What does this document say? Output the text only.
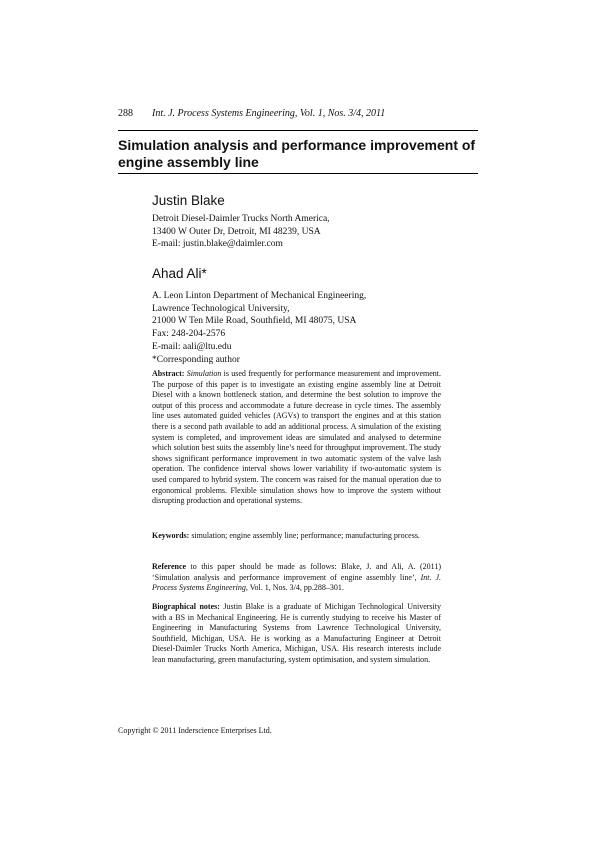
288 Int. J. Process Systems Engineering, Vol. 1, Nos. 3/4, 2011
Simulation analysis and performance improvement of engine assembly line
Justin Blake
Detroit Diesel-Daimler Trucks North America,
13400 W Outer Dr, Detroit, MI 48239, USA
E-mail: justin.blake@daimler.com
Ahad Ali*
A. Leon Linton Department of Mechanical Engineering,
Lawrence Technological University,
21000 W Ten Mile Road, Southfield, MI 48075, USA
Fax: 248-204-2576
E-mail: aali@ltu.edu
*Corresponding author

Abstract: Simulation is used frequently for performance measurement and improvement. The purpose of this paper is to investigate an existing engine assembly line at Detroit Diesel with a known bottleneck station, and determine the best solution to improve the output of this process and accommodate a future decrease in cycle times. The assembly line uses automated guided vehicles (AGVs) to transport the engines and at this station there is a second path available to add an additional process. A simulation of the existing system is completed, and improvement ideas are simulated and analysed to determine which solution best suits the assembly line’s need for throughput improvement. The study shows significant performance improvement in two automatic system of the valve lash operation. The confidence interval shows lower variability if two-automatic system is used compared to hybrid system. The concern was raised for the manual operation due to ergonomical problems. Flexible simulation shows how to improve the system without disrupting production and operational systems.

Keywords: simulation; engine assembly line; performance; manufacturing process.

Reference to this paper should be made as follows: Blake, J. and Ali, A. (2011) ‘Simulation analysis and performance improvement of engine assembly line’, Int. J. Process Systems Engineering, Vol. 1, Nos. 3/4, pp.288–301.

Biographical notes: Justin Blake is a graduate of Michigan Technological University with a BS in Mechanical Engineering. He is currently studying to receive his Master of Engineering in Manufacturing Systems from Lawrence Technological University, Southfield, Michigan, USA. He is working as a Manufacturing Engineer at Detroit Diesel-Daimler Trucks North America, Michigan, USA. His research interests include lean manufacturing, green manufacturing, system optimisation, and system simulation.

Copyright © 2011 Inderscience Enterprises Ltd.
